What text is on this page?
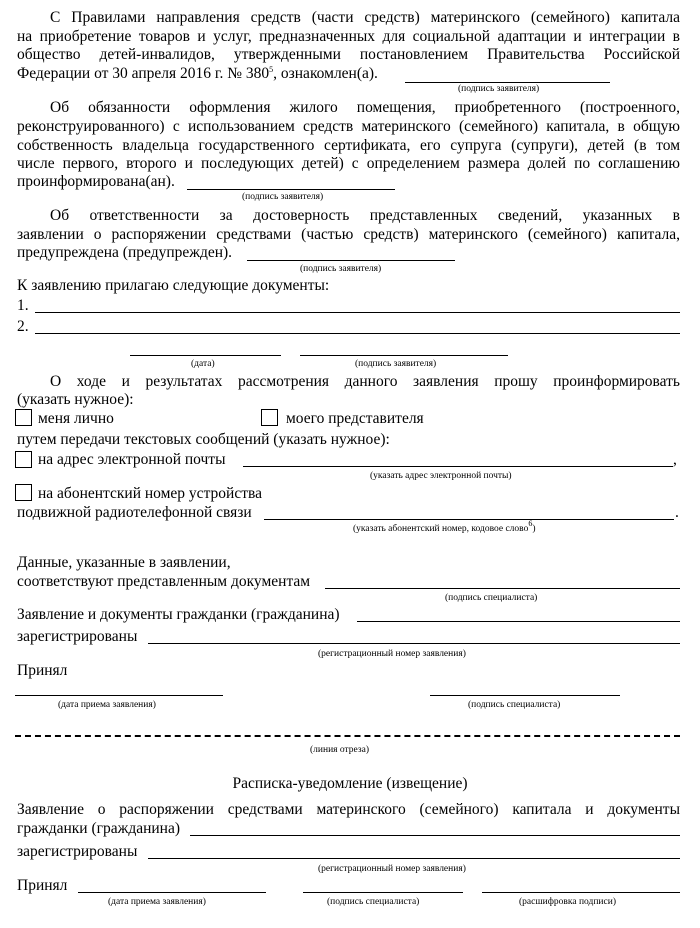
С Правилами направления средств (части средств) материнского (семейного) капитала
на приобретение товаров и услуг, предназначенных для социальной адаптации и интеграции в
общество детей-инвалидов, утвержденными постановлением Правительства Российской
Федерации от 30 апреля 2016 г. № $380^5$, ознакомлен(а).
(подпись заявителя)
Об обязанности оформления жилого помещения, приобретенного (построенного,
реконструированного) с использованием средств материнского (семейного) капитала, в общую
собственность владельца государственного сертификата, его супруга (супруги), детей (в том
числе первого, второго и последующих детей) с определением размера долей по соглашению
проинформирована(ан).
(подпись заявителя)
Об ответственности за достоверность представленных сведений, указанных в
заявлении о распоряжении средствами (частью средств) материнского (семейного) капитала,
предупреждена (предупрежден).
(подпись заявителя)
К заявлению прилагаю следующие документы:
1.
2.
(дата)	(подпись заявителя)
О ходе и результатах рассмотрения данного заявления прошу проинформировать
(указать нужное):
меня лично	моего представителя
путем передачи текстовых сообщений (указать нужное):
на адрес электронной почты	,
(указать адрес электронной почты)
на абонентский номер устройства
подвижной радиотелефонной связи	.
(указать абонентский номер, кодовое слово$^6$)
Данные, указанные в заявлении,
соответствуют представленным документам
(подпись специалиста)
Заявление и документы гражданки (гражданина)
зарегистрированы
(регистрационный номер заявления)
Принял
(дата приема заявления)	(подпись специалиста)
(линия отреза)
Расписка-уведомление (извещение)
Заявление о распоряжении средствами материнского (семейного) капитала и документы
гражданки (гражданина)
зарегистрированы
(регистрационный номер заявления)
Принял
(дата приема заявления)	(подпись специалиста)	(расшифровка подписи)
